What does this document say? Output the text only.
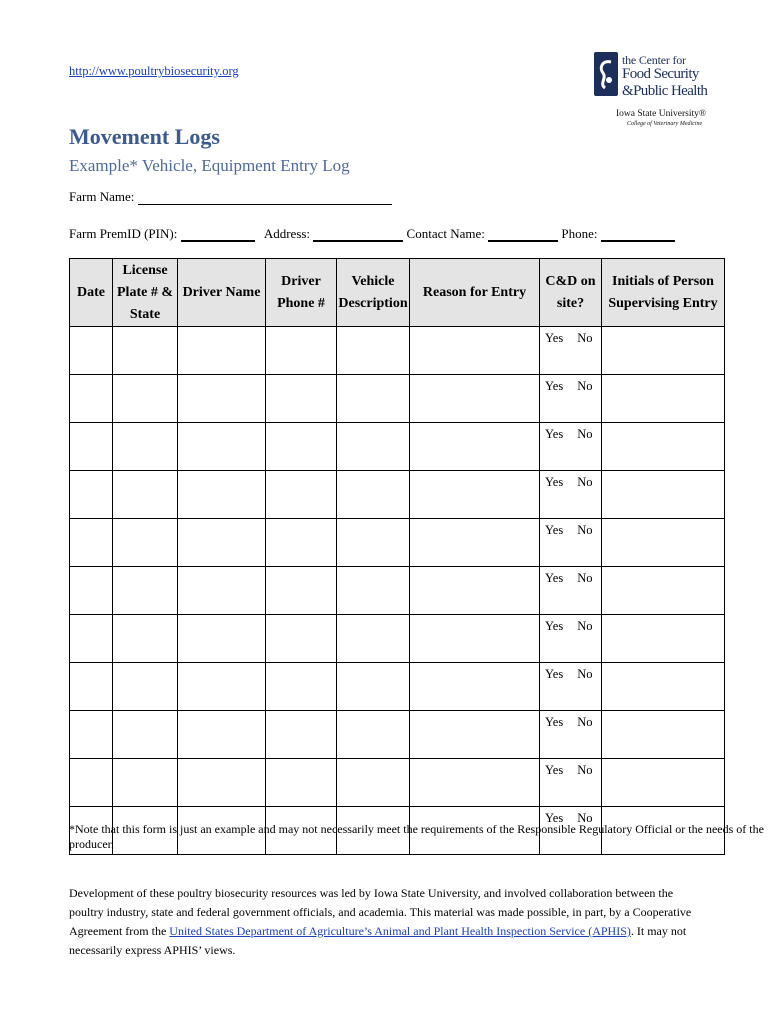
http://www.poultrybiosecurity.org
the Center for
Food Security
&Public Health
Iowa State University®
College of Veterinary Medicine
Movement Logs
Example* Vehicle, Equipment Entry Log
Farm Name:
Farm PremID (PIN):	Address:	Contact Name:	Phone:
Date	License Plate # & State	Driver Name	Driver Phone #	Vehicle Description	Reason for Entry	C&D on site?	Initials of Person Supervising Entry
						Yes No	
						Yes No	
						Yes No	
						Yes No	
						Yes No	
						Yes No	
						Yes No	
						Yes No	
						Yes No	
						Yes No	
						Yes No	
*Note that this form is just an example and may not necessarily meet the requirements of the Responsible Regulatory Official or the needs of the producer.
Development of these poultry biosecurity resources was led by Iowa State University, and involved collaboration between the poultry industry, state and federal government officials, and academia. This material was made possible, in part, by a Cooperative Agreement from the United States Department of Agriculture’s Animal and Plant Health Inspection Service (APHIS). It may not necessarily express APHIS’ views.
